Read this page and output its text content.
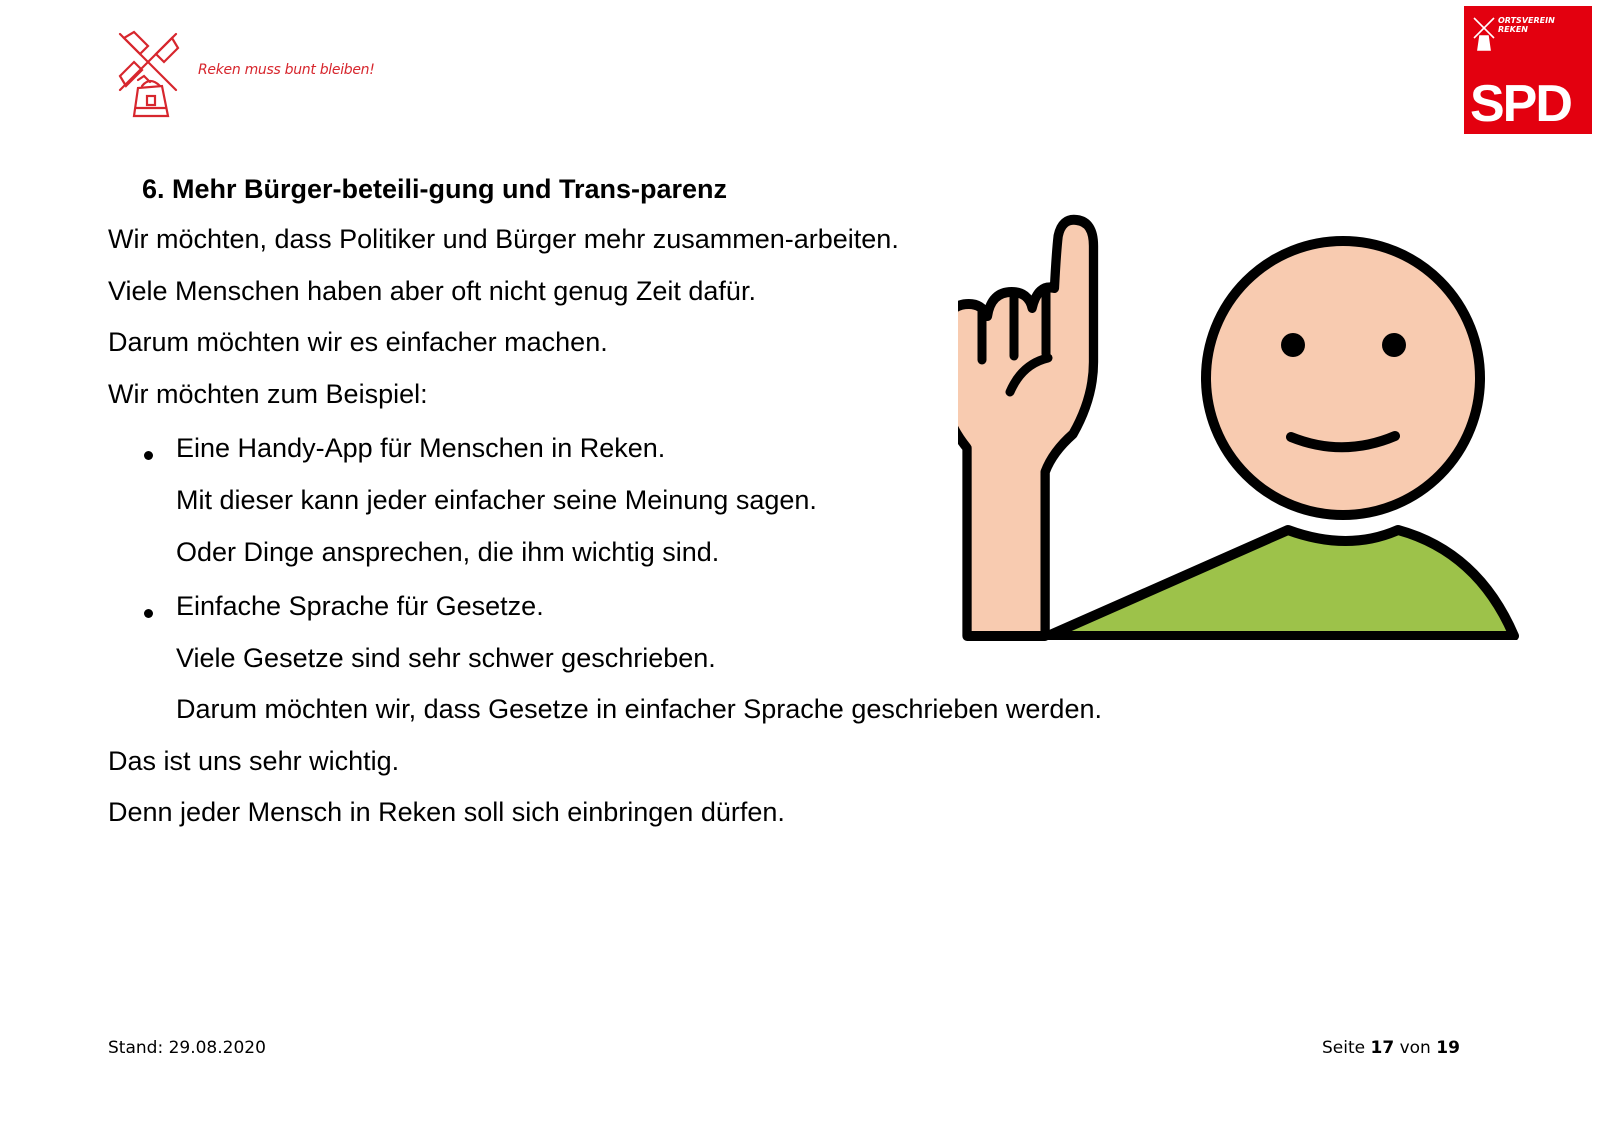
Reken muss bunt bleiben!
ORTSVEREIN
REKEN
SPD
6. Mehr Bürger-beteili-gung und Trans-parenz

Wir möchten, dass Politiker und Bürger mehr zusammen-arbeiten.

Viele Menschen haben aber oft nicht genug Zeit dafür.

Darum möchten wir es einfacher machen.

Wir möchten zum Beispiel:

Eine Handy-App für Menschen in Reken.

Mit dieser kann jeder einfacher seine Meinung sagen.

Oder Dinge ansprechen, die ihm wichtig sind.

Einfache Sprache für Gesetze.

Viele Gesetze sind sehr schwer geschrieben.

Darum möchten wir, dass Gesetze in einfacher Sprache geschrieben werden.

Das ist uns sehr wichtig.

Denn jeder Mensch in Reken soll sich einbringen dürfen.

Stand: 29.08.2020	Seite 17 von 19
